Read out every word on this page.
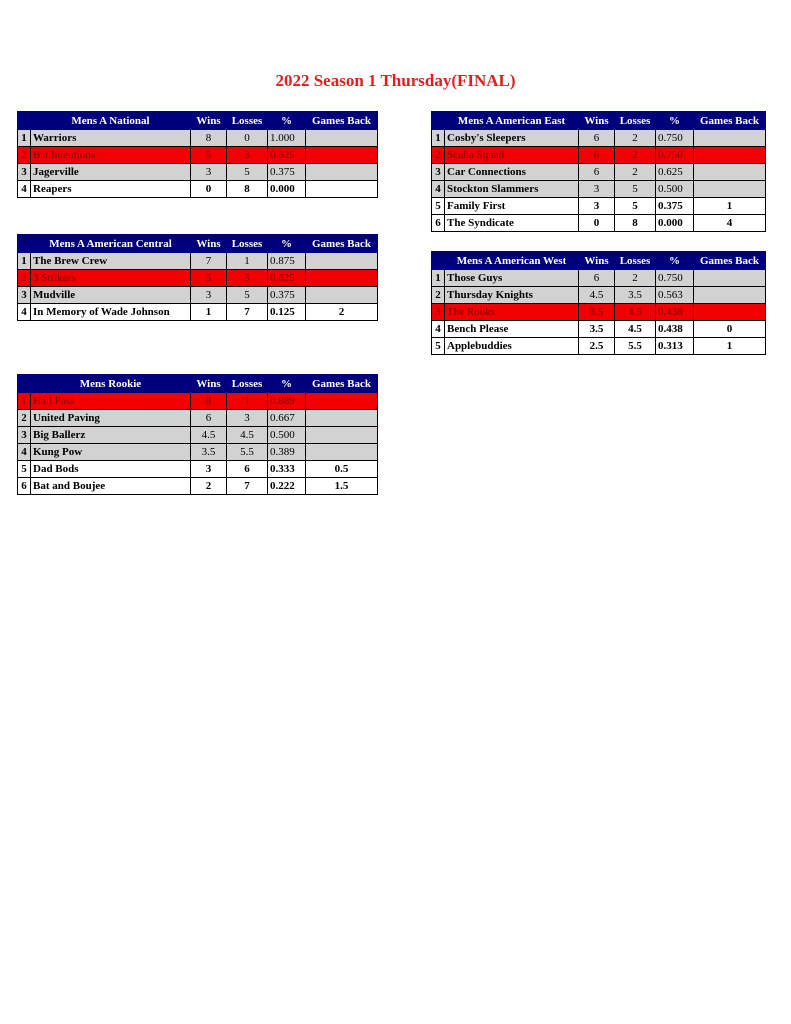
2022 Season 1 Thursday(FINAL)
	Mens A National	Wins	Losses	%	Games Back
1	Warriors	8	0	1.000	
2	Bat Intentions	5	3	0.625	
3	Jagerville	3	5	0.375	
4	Reapers	0	8	0.000	
	Mens A American Central	Wins	Losses	%	Games Back
1	The Brew Crew	7	1	0.875	
2	3 Strikers	5	3	0.625	
3	Mudville	3	5	0.375	
4	In Memory of Wade Johnson	1	7	0.125	2
	Mens Rookie	Wins	Losses	%	Games Back
1	Hall Pass	8	1	0.889	
2	United Paving	6	3	0.667	
3	Big Ballerz	4.5	4.5	0.500	
4	Kung Pow	3.5	5.5	0.389	
5	Dad Bods	3	6	0.333	0.5
6	Bat and Boujee	2	7	0.222	1.5
	Mens A American East	Wins	Losses	%	Games Back
1	Cosby's Sleepers	6	2	0.750	
2	Scuba Squad	6	2	0.750	
3	Car Connections	6	2	0.625	
4	Stockton Slammers	3	5	0.500	
5	Family First	3	5	0.375	1
6	The Syndicate	0	8	0.000	4
	Mens A American West	Wins	Losses	%	Games Back
1	Those Guys	6	2	0.750	
2	Thursday Knights	4.5	3.5	0.563	
3	The Rooks	3.5	4.5	0.438	
4	Bench Please	3.5	4.5	0.438	0
5	Applebuddies	2.5	5.5	0.313	1
